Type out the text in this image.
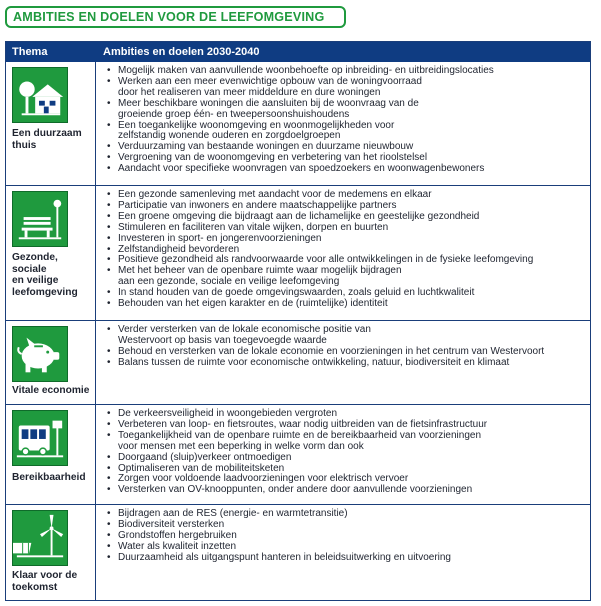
AMBITIES EN DOELEN VOOR DE LEEFOMGEVING
Thema	Ambities en doelen 2030-2040
Een duurzaam
thuis
• Mogelijk maken van aanvullende woonbehoefte op inbreiding- en uitbreidingslocaties
• Werken aan een meer evenwichtige opbouw van de woningvoorraad
door het realiseren van meer middeldure en dure woningen
• Meer beschikbare woningen die aansluiten bij de woonvraag van de
groeiende groep één- en tweepersoonshuishoudens
• Een toegankelijke woonomgeving en woonmogelijkheden voor
zelfstandig wonende ouderen en zorgdoelgroepen
• Verduurzaming van bestaande woningen en duurzame nieuwbouw
• Vergroening van de woonomgeving en verbetering van het rioolstelsel
• Aandacht voor specifieke woonvragen van spoedzoekers en woonwagenbewoners
Gezonde,
sociale
en veilige
leefomgeving
• Een gezonde samenleving met aandacht voor de medemens en elkaar
• Participatie van inwoners en andere maatschappelijke partners
• Een groene omgeving die bijdraagt aan de lichamelijke en geestelijke gezondheid
• Stimuleren en faciliteren van vitale wijken, dorpen en buurten
• Investeren in sport- en jongerenvoorzieningen
• Zelfstandigheid bevorderen
• Positieve gezondheid als randvoorwaarde voor alle ontwikkelingen in de fysieke leefomgeving
• Met het beheer van de openbare ruimte waar mogelijk bijdragen
aan een gezonde, sociale en veilige leefomgeving
• In stand houden van de goede omgevingswaarden, zoals geluid en luchtkwaliteit
• Behouden van het eigen karakter en de (ruimtelijke) identiteit
Vitale economie
• Verder versterken van de lokale economische positie van
Westervoort op basis van toegevoegde waarde
• Behoud en versterken van de lokale economie en voorzieningen in het centrum van Westervoort
• Balans tussen de ruimte voor economische ontwikkeling, natuur, biodiversiteit en klimaat
Bereikbaarheid
• De verkeersveiligheid in woongebieden vergroten
• Verbeteren van loop- en fietsroutes, waar nodig uitbreiden van de fietsinfrastructuur
• Toegankelijkheid van de openbare ruimte en de bereikbaarheid van voorzieningen
voor mensen met een beperking in welke vorm dan ook
• Doorgaand (sluip)verkeer ontmoedigen
• Optimaliseren van de mobiliteitsketen
• Zorgen voor voldoende laadvoorzieningen voor elektrisch vervoer
• Versterken van OV-knooppunten, onder andere door aanvullende voorzieningen
Klaar voor de
toekomst
• Bijdragen aan de RES (energie- en warmtetransitie)
• Biodiversiteit versterken
• Grondstoffen hergebruiken
• Water als kwaliteit inzetten
• Duurzaamheid als uitgangspunt hanteren in beleidsuitwerking en uitvoering
